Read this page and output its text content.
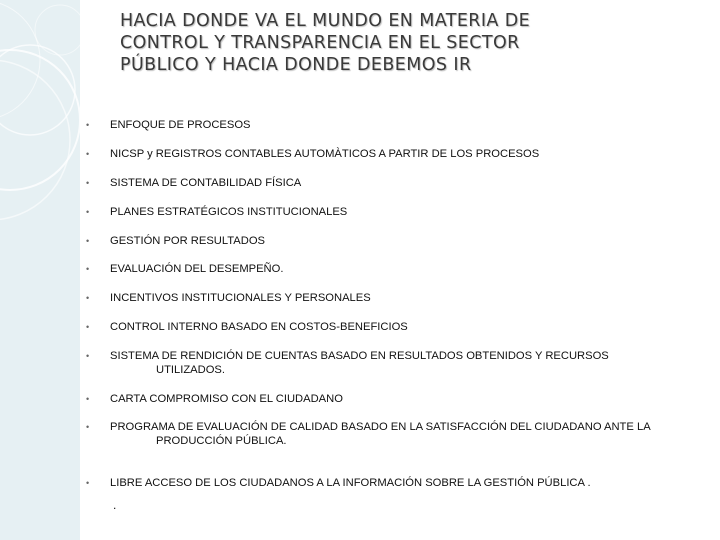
HACIA DONDE VA EL MUNDO EN MATERIA DE
CONTROL Y TRANSPARENCIA EN EL SECTOR
PÚBLICO Y HACIA DONDE DEBEMOS IR
•	ENFOQUE DE PROCESOS
•	NICSP y REGISTROS CONTABLES AUTOMÀTICOS A PARTIR DE LOS PROCESOS
•	SISTEMA DE CONTABILIDAD FÍSICA
•	PLANES ESTRATÉGICOS INSTITUCIONALES
•	GESTIÓN POR RESULTADOS
•	EVALUACIÓN DEL DESEMPEÑO.
•	INCENTIVOS INSTITUCIONALES Y PERSONALES
•	CONTROL INTERNO BASADO EN COSTOS-BENEFICIOS
•	SISTEMA DE RENDICIÓN DE CUENTAS BASADO EN RESULTADOS OBTENIDOS Y RECURSOS
UTILIZADOS.
•	CARTA COMPROMISO CON EL CIUDADANO
•	PROGRAMA DE EVALUACIÓN DE CALIDAD BASADO EN LA SATISFACCIÓN DEL CIUDADANO ANTE LA
PRODUCCIÓN PÚBLICA.
•	LIBRE ACCESO DE LOS CIUDADANOS A LA INFORMACIÓN SOBRE LA GESTIÓN PÚBLICA .
.
